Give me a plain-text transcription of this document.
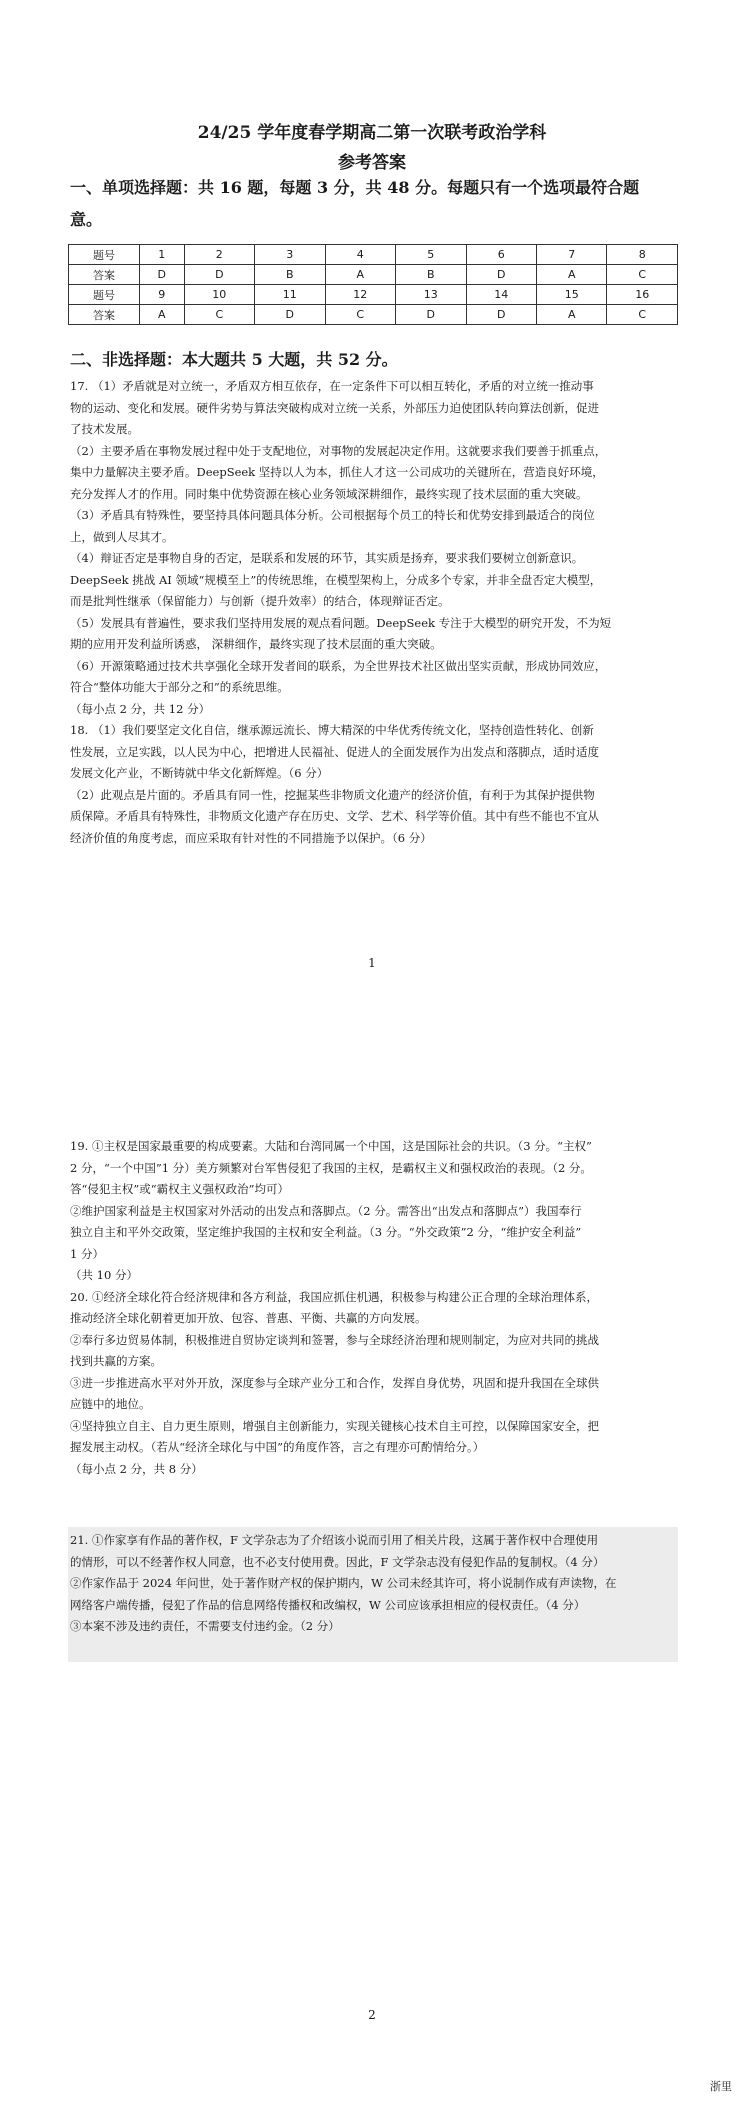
24/25 学年度春学期高二第一次联考政治学科
参考答案
一、单项选择题：共 16 题，每题 3 分，共 48 分。每题只有一个选项最符合题
意。
题号	1	2	3	4	5	6	7	8
答案	D	D	B	A	B	D	A	C
题号	9	10	11	12	13	14	15	16
答案	A	C	D	C	D	D	A	C
二、非选择题：本大题共 5 大题，共 52 分。

17. （1）矛盾就是对立统一，矛盾双方相互依存，在一定条件下可以相互转化，矛盾的对立统一推动事

物的运动、变化和发展。硬件劣势与算法突破构成对立统一关系，外部压力迫使团队转向算法创新，促进

了技术发展。

（2）主要矛盾在事物发展过程中处于支配地位，对事物的发展起决定作用。这就要求我们要善于抓重点，

集中力量解决主要矛盾。DeepSeek 坚持以人为本，抓住人才这一公司成功的关键所在，营造良好环境，

充分发挥人才的作用。同时集中优势资源在核心业务领域深耕细作，最终实现了技术层面的重大突破。

（3）矛盾具有特殊性，要坚持具体问题具体分析。公司根据每个员工的特长和优势安排到最适合的岗位

上，做到人尽其才。

（4）辩证否定是事物自身的否定，是联系和发展的环节，其实质是扬弃，要求我们要树立创新意识。

DeepSeek 挑战 AI 领域“规模至上”的传统思维，在模型架构上，分成多个专家，并非全盘否定大模型，

而是批判性继承（保留能力）与创新（提升效率）的结合，体现辩证否定。

（5）发展具有普遍性，要求我们坚持用发展的观点看问题。DeepSeek 专注于大模型的研究开发，不为短

期的应用开发利益所诱惑， 深耕细作，最终实现了技术层面的重大突破。

（6）开源策略通过技术共享强化全球开发者间的联系，为全世界技术社区做出坚实贡献，形成协同效应，

符合“整体功能大于部分之和”的系统思维。

（每小点 2 分，共 12 分）

18. （1）我们要坚定文化自信，继承源远流长、博大精深的中华优秀传统文化，坚持创造性转化、创新

性发展，立足实践，以人民为中心，把增进人民福祉、促进人的全面发展作为出发点和落脚点，适时适度

发展文化产业，不断铸就中华文化新辉煌。（6 分）

（2）此观点是片面的。矛盾具有同一性，挖掘某些非物质文化遗产的经济价值，有利于为其保护提供物

质保障。矛盾具有特殊性，非物质文化遗产存在历史、文学、艺术、科学等价值。其中有些不能也不宜从

经济价值的角度考虑，而应采取有针对性的不同措施予以保护。（6 分）

1

19. ①主权是国家最重要的构成要素。大陆和台湾同属一个中国，这是国际社会的共识。（3 分。“主权”

2 分，“一个中国”1 分）美方频繁对台军售侵犯了我国的主权，是霸权主义和强权政治的表现。（2 分。

答“侵犯主权”或“霸权主义强权政治”均可）

②维护国家利益是主权国家对外活动的出发点和落脚点。（2 分。需答出“出发点和落脚点”）我国奉行

独立自主和平外交政策，坚定维护我国的主权和安全利益。（3 分。“外交政策”2 分，“维护安全利益”

1 分）

（共 10 分）

20. ①经济全球化符合经济规律和各方利益，我国应抓住机遇，积极参与构建公正合理的全球治理体系，

推动经济全球化朝着更加开放、包容、普惠、平衡、共赢的方向发展。

②奉行多边贸易体制，积极推进自贸协定谈判和签署，参与全球经济治理和规则制定，为应对共同的挑战

找到共赢的方案。

③进一步推进高水平对外开放，深度参与全球产业分工和合作，发挥自身优势，巩固和提升我国在全球供

应链中的地位。

④坚持独立自主、自力更生原则，增强自主创新能力，实现关键核心技术自主可控，以保障国家安全，把

握发展主动权。（若从“经济全球化与中国”的角度作答，言之有理亦可酌情给分。）

（每小点 2 分，共 8 分）

21. ①作家享有作品的著作权，F 文学杂志为了介绍该小说而引用了相关片段，这属于著作权中合理使用

的情形，可以不经著作权人同意，也不必支付使用费。因此，F 文学杂志没有侵犯作品的复制权。（4 分）

②作家作品于 2024 年问世，处于著作财产权的保护期内，W 公司未经其许可，将小说制作成有声读物，在

网络客户端传播，侵犯了作品的信息网络传播权和改编权，W 公司应该承担相应的侵权责任。（4 分）

③本案不涉及违约责任，不需要支付违约金。（2 分）

2
浙里
